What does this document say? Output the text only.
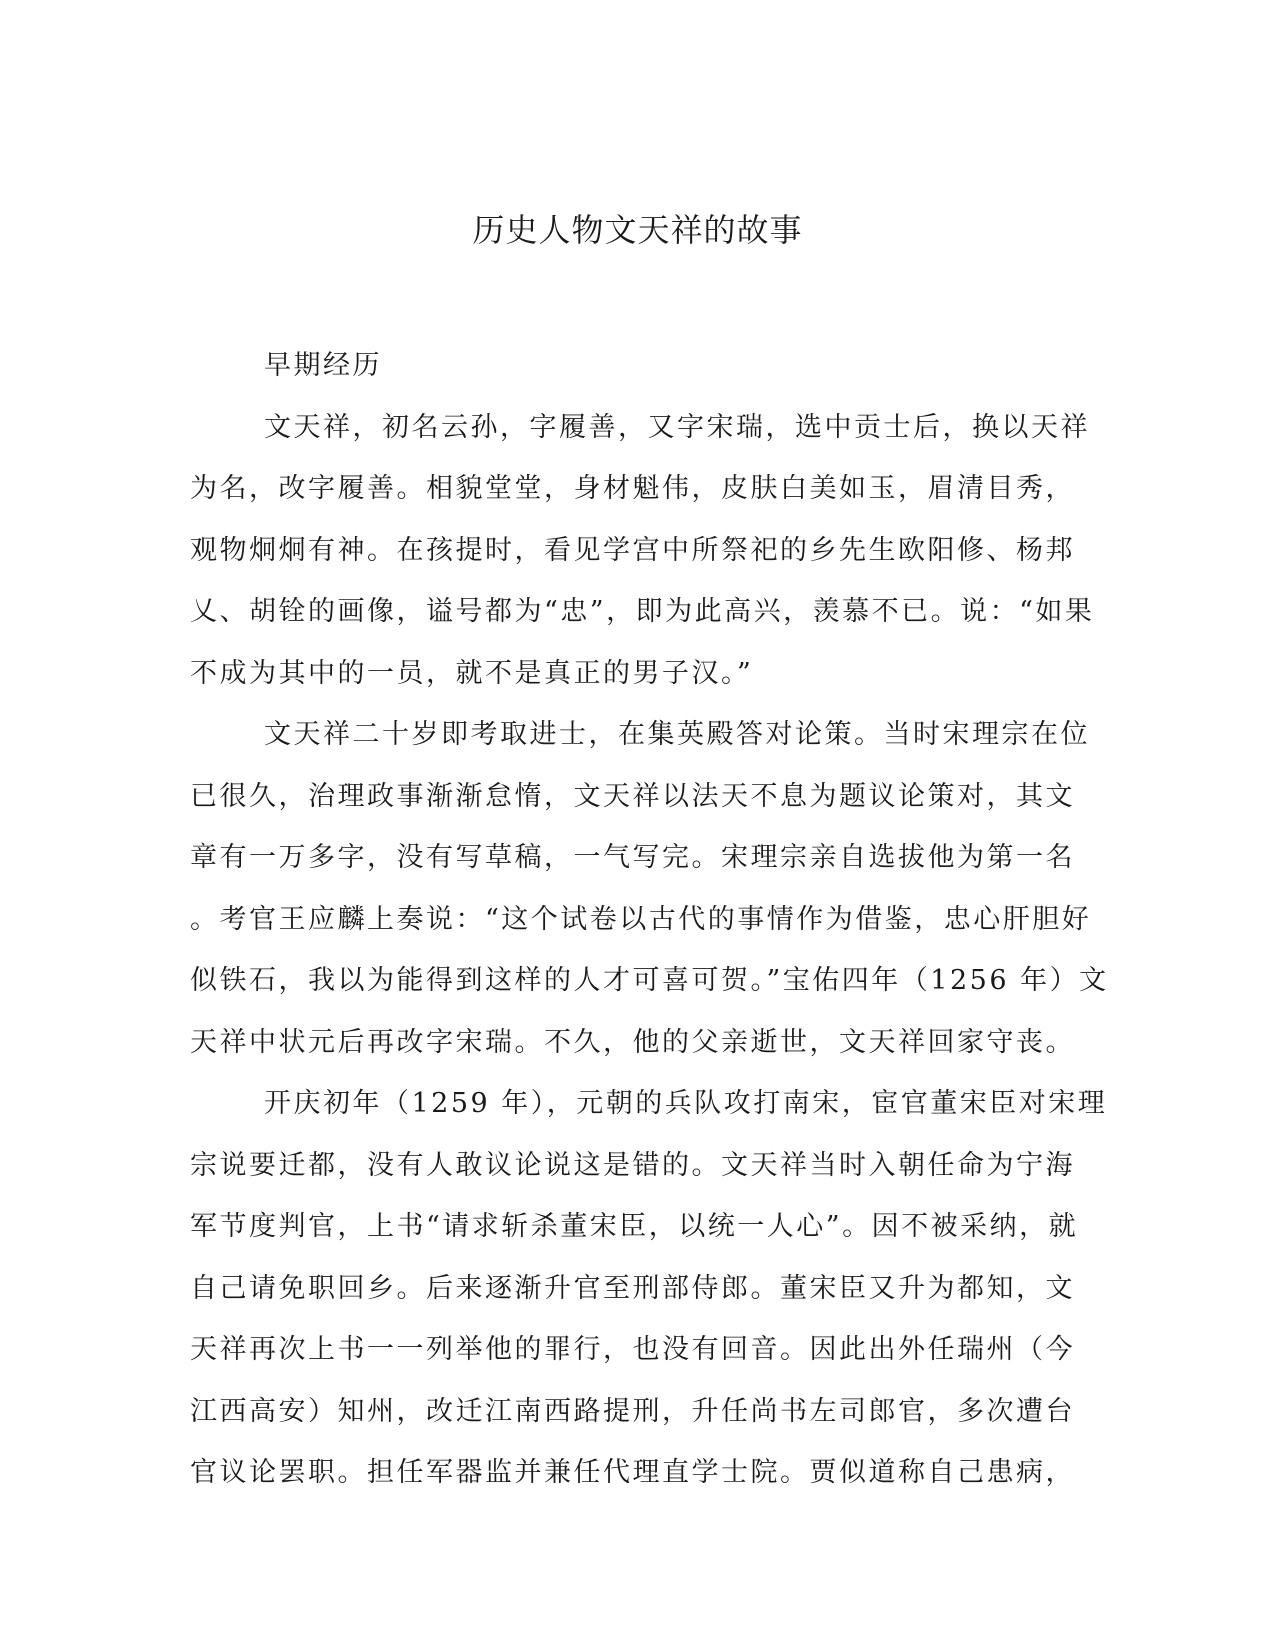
历史人物文天祥的故事
早期经历
文天祥，初名云孙，字履善，又字宋瑞，选中贡士后，换以天祥
为名，改字履善。相貌堂堂，身材魁伟，皮肤白美如玉，眉清目秀，
观物炯炯有神。在孩提时，看见学宫中所祭祀的乡先生欧阳修、杨邦
乂、胡铨的画像，谥号都为“忠”，即为此高兴，羡慕不已。说：“如果
不成为其中的一员，就不是真正的男子汉。”
文天祥二十岁即考取进士，在集英殿答对论策。当时宋理宗在位
已很久，治理政事渐渐怠惰，文天祥以法天不息为题议论策对，其文
章有一万多字，没有写草稿，一气写完。宋理宗亲自选拔他为第一名
。考官王应麟上奏说：“这个试卷以古代的事情作为借鉴，忠心肝胆好
似铁石，我以为能得到这样的人才可喜可贺。”宝佑四年（1256 年）文
天祥中状元后再改字宋瑞。不久，他的父亲逝世，文天祥回家守丧。
开庆初年（1259 年），元朝的兵队攻打南宋，宦官董宋臣对宋理
宗说要迁都，没有人敢议论说这是错的。文天祥当时入朝任命为宁海
军节度判官，上书“请求斩杀董宋臣，以统一人心”。因不被采纳，就
自己请免职回乡。后来逐渐升官至刑部侍郎。董宋臣又升为都知，文
天祥再次上书一一列举他的罪行，也没有回音。因此出外任瑞州（今
江西高安）知州，改迁江南西路提刑，升任尚书左司郎官，多次遭台
官议论罢职。担任军器监并兼任代理直学士院。贾似道称自己患病，
